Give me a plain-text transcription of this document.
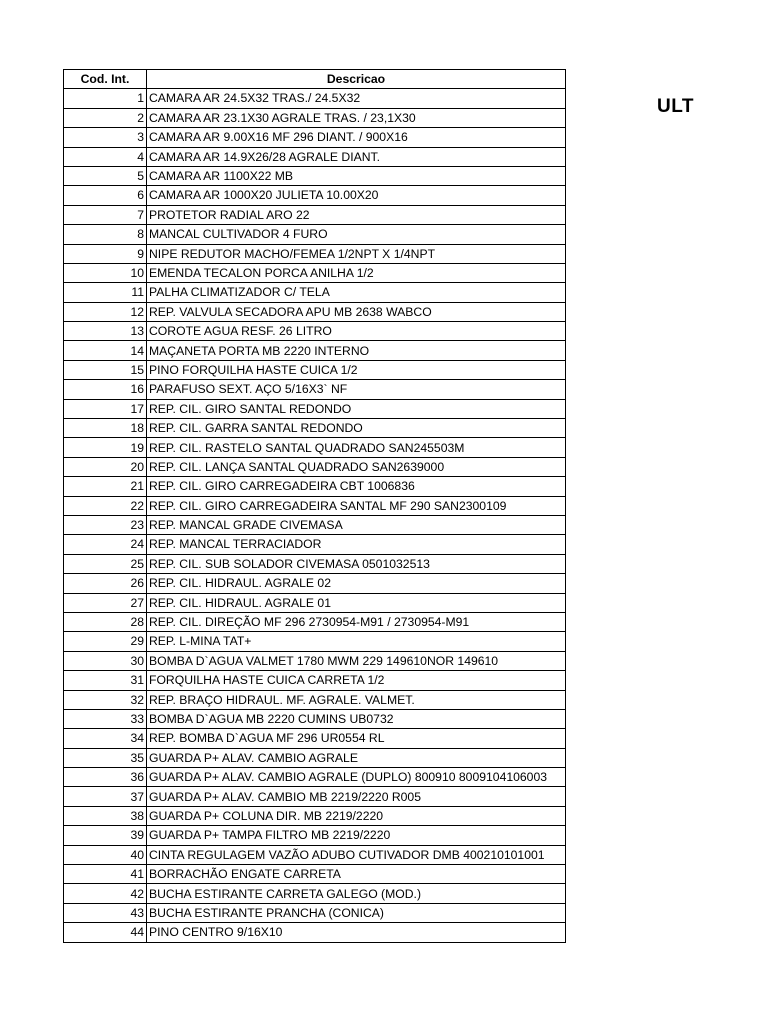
Cod. Int.	Descricao
1	CAMARA AR 24.5X32 TRAS./ 24.5X32
2	CAMARA AR 23.1X30 AGRALE TRAS. / 23,1X30
3	CAMARA AR 9.00X16 MF 296 DIANT. / 900X16
4	CAMARA AR 14.9X26/28 AGRALE DIANT.
5	CAMARA AR 1100X22 MB
6	CAMARA AR 1000X20 JULIETA 10.00X20
7	PROTETOR RADIAL ARO 22
8	MANCAL CULTIVADOR 4 FURO
9	NIPE REDUTOR MACHO/FEMEA 1/2NPT X 1/4NPT
10	EMENDA TECALON PORCA ANILHA 1/2
11	PALHA CLIMATIZADOR C/ TELA
12	REP. VALVULA SECADORA APU MB 2638 WABCO
13	COROTE AGUA RESF. 26 LITRO
14	MAÇANETA PORTA MB 2220 INTERNO
15	PINO FORQUILHA HASTE CUICA 1/2
16	PARAFUSO SEXT. AÇO 5/16X3` NF
17	REP. CIL. GIRO SANTAL REDONDO
18	REP. CIL. GARRA SANTAL REDONDO
19	REP. CIL. RASTELO SANTAL QUADRADO SAN245503M
20	REP. CIL. LANÇA SANTAL QUADRADO SAN2639000
21	REP. CIL. GIRO CARREGADEIRA CBT 1006836
22	REP. CIL. GIRO CARREGADEIRA SANTAL MF 290 SAN2300109
23	REP. MANCAL GRADE CIVEMASA
24	REP. MANCAL TERRACIADOR
25	REP. CIL. SUB SOLADOR CIVEMASA 0501032513
26	REP. CIL. HIDRAUL. AGRALE 02
27	REP. CIL. HIDRAUL. AGRALE 01
28	REP. CIL. DIREÇÃO MF 296 2730954-M91 / 2730954-M91
29	REP. L-MINA TAT+
30	BOMBA D`AGUA VALMET 1780 MWM 229 149610NOR 149610
31	FORQUILHA HASTE CUICA CARRETA 1/2
32	REP. BRAÇO HIDRAUL. MF. AGRALE. VALMET.
33	BOMBA D`AGUA MB 2220 CUMINS UB0732
34	REP. BOMBA D`AGUA MF 296 UR0554 RL
35	GUARDA P+ ALAV. CAMBIO AGRALE
36	GUARDA P+ ALAV. CAMBIO AGRALE (DUPLO) 800910 8009104106003
37	GUARDA P+ ALAV. CAMBIO MB 2219/2220 R005
38	GUARDA P+ COLUNA DIR. MB 2219/2220
39	GUARDA P+ TAMPA FILTRO MB 2219/2220
40	CINTA REGULAGEM VAZÃO ADUBO CUTIVADOR DMB 400210101001
41	BORRACHÃO ENGATE CARRETA
42	BUCHA ESTIRANTE CARRETA GALEGO (MOD.)
43	BUCHA ESTIRANTE PRANCHA (CONICA)
44	PINO CENTRO 9/16X10
ULT
